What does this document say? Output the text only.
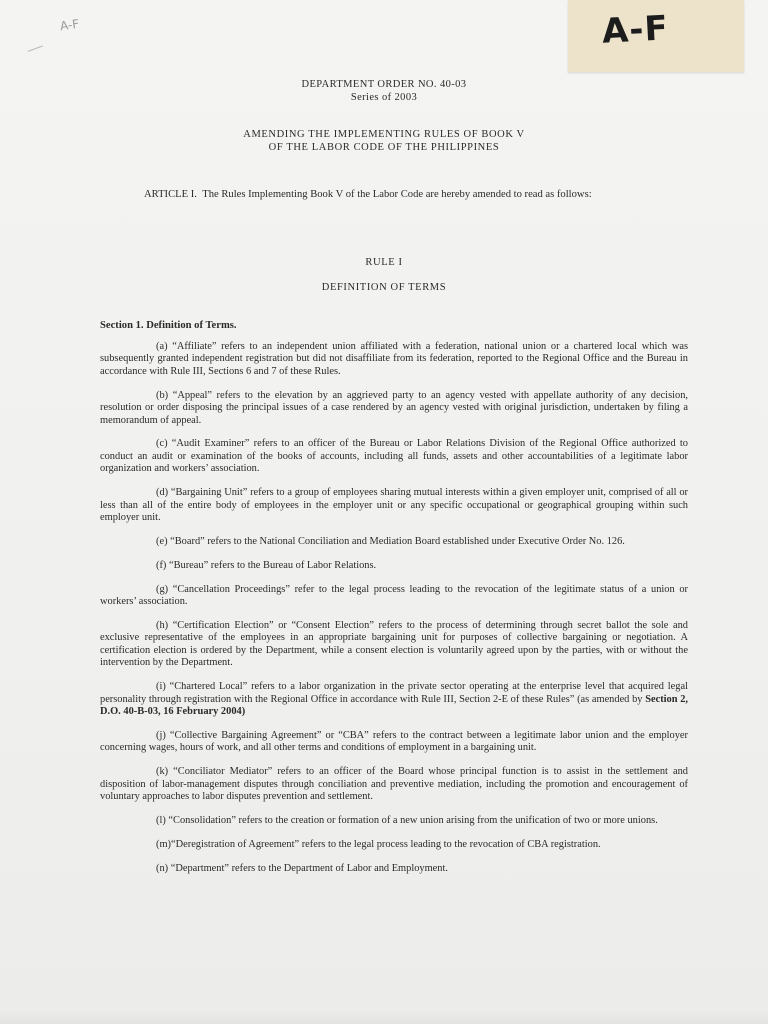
A-F	A-F
DEPARTMENT ORDER NO. 40-03
Series of 2003
AMENDING THE IMPLEMENTING RULES OF BOOK V
OF THE LABOR CODE OF THE PHILIPPINES
ARTICLE I. The Rules Implementing Book V of the Labor Code are hereby amended to read as follows:
RULE I
DEFINITION OF TERMS
Section 1. Definition of Terms.

(a) “Affiliate” refers to an independent union affiliated with a federation, national union or a chartered local which was subsequently granted independent registration but did not disaffiliate from its federation, reported to the Regional Office and the Bureau in accordance with Rule III, Sections 6 and 7 of these Rules.

(b) “Appeal” refers to the elevation by an aggrieved party to an agency vested with appellate authority of any decision, resolution or order disposing the principal issues of a case rendered by an agency vested with original jurisdiction, undertaken by filing a memorandum of appeal.

(c) “Audit Examiner” refers to an officer of the Bureau or Labor Relations Division of the Regional Office authorized to conduct an audit or examination of the books of accounts, including all funds, assets and other accountabilities of a legitimate labor organization and workers’ association.

(d) “Bargaining Unit” refers to a group of employees sharing mutual interests within a given employer unit, comprised of all or less than all of the entire body of employees in the employer unit or any specific occupational or geographical grouping within such employer unit.

(e) “Board” refers to the National Conciliation and Mediation Board established under Executive Order No. 126.

(f) “Bureau” refers to the Bureau of Labor Relations.

(g) “Cancellation Proceedings” refer to the legal process leading to the revocation of the legitimate status of a union or workers’ association.

(h) “Certification Election” or “Consent Election” refers to the process of determining through secret ballot the sole and exclusive representative of the employees in an appropriate bargaining unit for purposes of collective bargaining or negotiation. A certification election is ordered by the Department, while a consent election is voluntarily agreed upon by the parties, with or without the intervention by the Department.

(i) “Chartered Local” refers to a labor organization in the private sector operating at the enterprise level that acquired legal personality through registration with the Regional Office in accordance with Rule III, Section 2-E of these Rules” (as amended by Section 2, D.O. 40-B-03, 16 February 2004)

(j) “Collective Bargaining Agreement” or “CBA” refers to the contract between a legitimate labor union and the employer concerning wages, hours of work, and all other terms and conditions of employment in a bargaining unit.

(k) “Conciliator Mediator” refers to an officer of the Board whose principal function is to assist in the settlement and disposition of labor-management disputes through conciliation and preventive mediation, including the promotion and encouragement of voluntary approaches to labor disputes prevention and settlement.

(l) “Consolidation” refers to the creation or formation of a new union arising from the unification of two or more unions.

(m)“Deregistration of Agreement” refers to the legal process leading to the revocation of CBA registration.

(n) “Department” refers to the Department of Labor and Employment.
